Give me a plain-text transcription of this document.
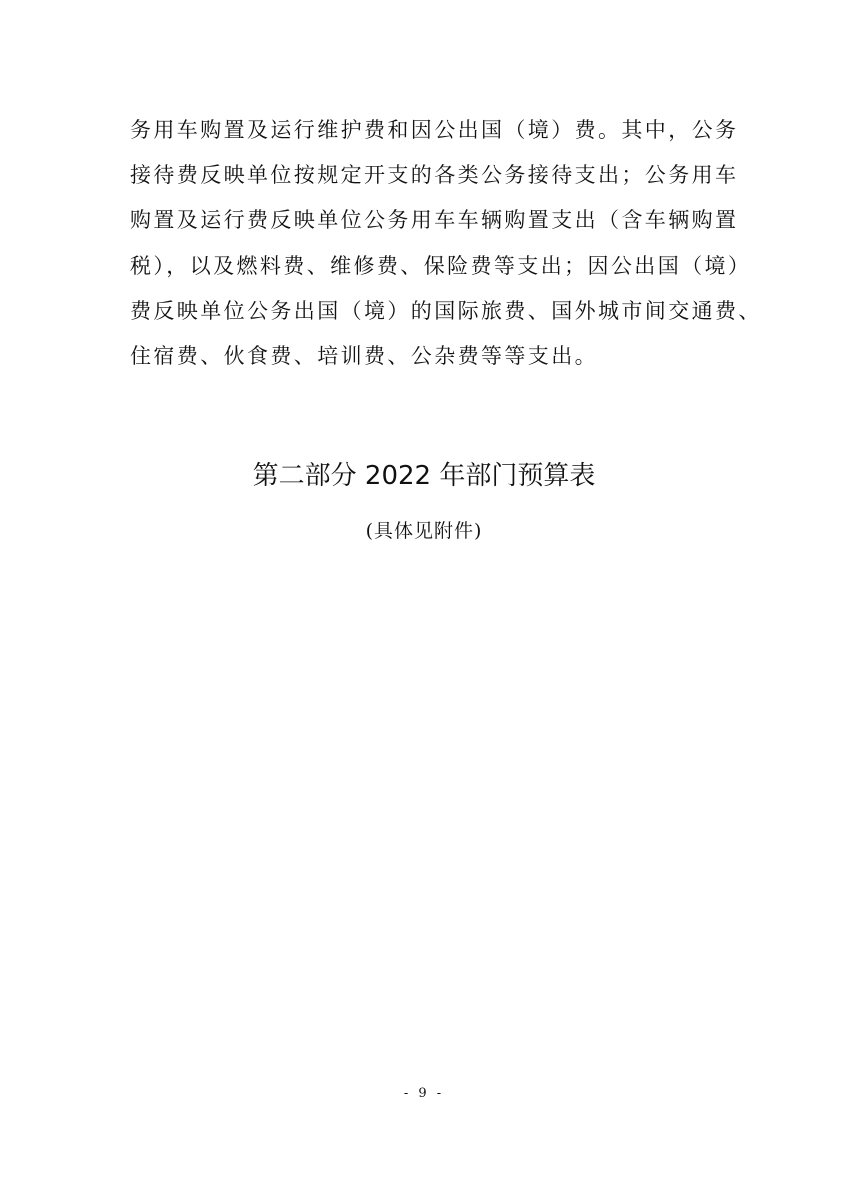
务用车购置及运行维护费和因公出国（境）费。其中，公务
接待费反映单位按规定开支的各类公务接待支出；公务用车
购置及运行费反映单位公务用车车辆购置支出（含车辆购置
税），以及燃料费、维修费、保险费等支出；因公出国（境）
费反映单位公务出国（境）的国际旅费、国外城市间交通费、
住宿费、伙食费、培训费、公杂费等等支出。
第二部分 2022 年部门预算表

(具体见附件)

- 9 -
